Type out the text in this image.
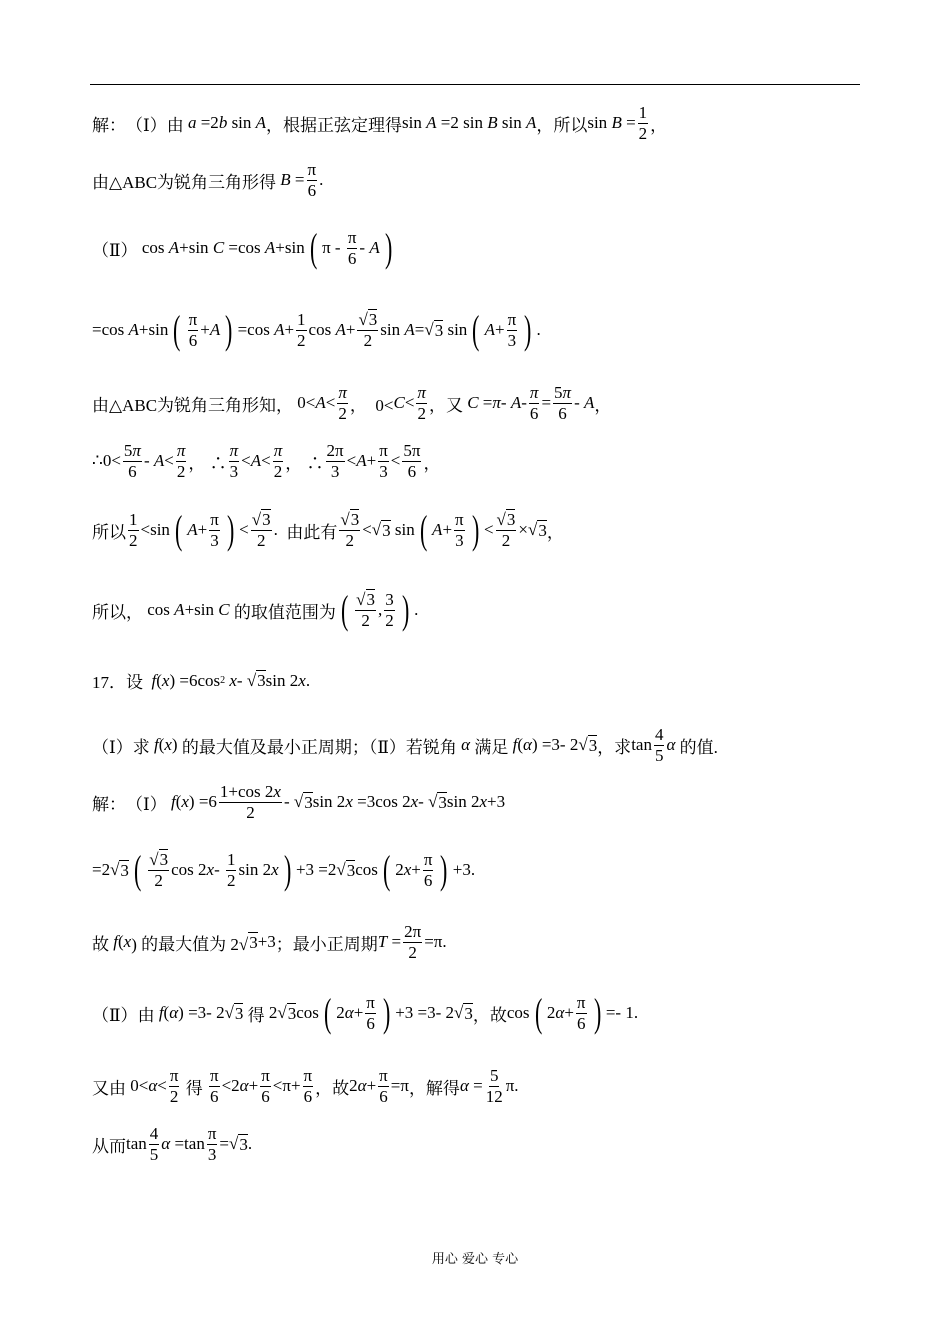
解： （Ⅰ） 由 a =2 b sin A ，根据正弦定理得 sin A =2 sin B sin A ，所以 $\sin B = \frac{1}{2}$ ，
由△ABC为锐角三角形得
$B = \frac{\pi}{6}$ .
（Ⅱ） cos A +sin C =cos A +sin ( π - $\frac{\pi}{6}$ - A )
=cos A +sin ( $\frac{\pi}{6} + A$ ) =cos $A + \frac{1}{2}$ $\cos A + \frac{√3}{2}$ sin A =√ 3 sin ( $A + \frac{\pi}{3}$ ) .
由△ABC为锐角三角形知， $0< A < \frac{\pi}{2}$ ，  $0< C < \frac{\pi}{2}$ ，又
$C = \pi - A - \frac{\pi}{6} = \frac{5\pi}{6} - A$ ，
∴0< $\frac{5\pi}{6} - A < \frac{\pi}{2}$ ， ∴ $\frac{\pi}{3} < A < \frac{\pi}{2}$ ， ∴ $\frac{2\pi}{3} < A + \frac{\pi}{3} < \frac{5\pi}{6}$ ，
所以 $\frac{1}{2} <\sin$ ( $A + \frac{\pi}{3}$ ) < $\frac{√3}{2}$ . 由此有 $\frac{√3}{2}$ <√ 3 sin ( $A + \frac{\pi}{3}$ ) < $\frac{√3}{2}$ ×√ 3 ，
所以， cos A +sin C
的取值范围为 ( $\frac{√3}{2}$ , $\frac{3}{2}$ ) .
17．设
f ( x ) =6cos 2
x - √ 3 sin 2 x .
（Ⅰ）求
f ( x ) 的最大值及最小正周期；（Ⅱ）若锐角
α
满足
f ( α ) =3- 2√ 3 ，求 $\tan \frac{4}{5}$ α
的值.
解： （Ⅰ）
f ( x ) $=6 \frac{1+\cos 2x}{2}$ - √ 3 sin 2 x =3cos 2 x - √ 3 sin 2 x +3
=2√ 3 ( $\frac{√3}{2}$ cos 2 x - $\frac{1}{2}$ sin 2 x ) +3 =2√ 3 cos ( 2 $x + \frac{\pi}{6}$ ) +3.
故 f ( x ) 的最大值为 2√ 3 +3 ；最小正周期 $T = \frac{2\pi}{2} =\pi$.
（Ⅱ） 由
f ( α ) =3- 2√ 3
得 2√ 3 cos ( 2 $\alpha + \frac{\pi}{6}$ ) +3 =3- 2√ 3 ，故 cos ( 2 $\alpha + \frac{\pi}{6}$ ) =- 1.
又由 $0< \alpha < \frac{\pi}{2}$
得
$\frac{\pi}{6} <2$ $\alpha + \frac{\pi}{6} <\pi+ \frac{\pi}{6}$ ，故 2 $\alpha + \frac{\pi}{6} =\pi$ ，解得 $\alpha = \frac{5}{12} \pi$.
从而 $\tan \frac{4}{5}$ $\alpha =\tan \frac{\pi}{3}$ =√ 3 .
用心 爱心 专心
